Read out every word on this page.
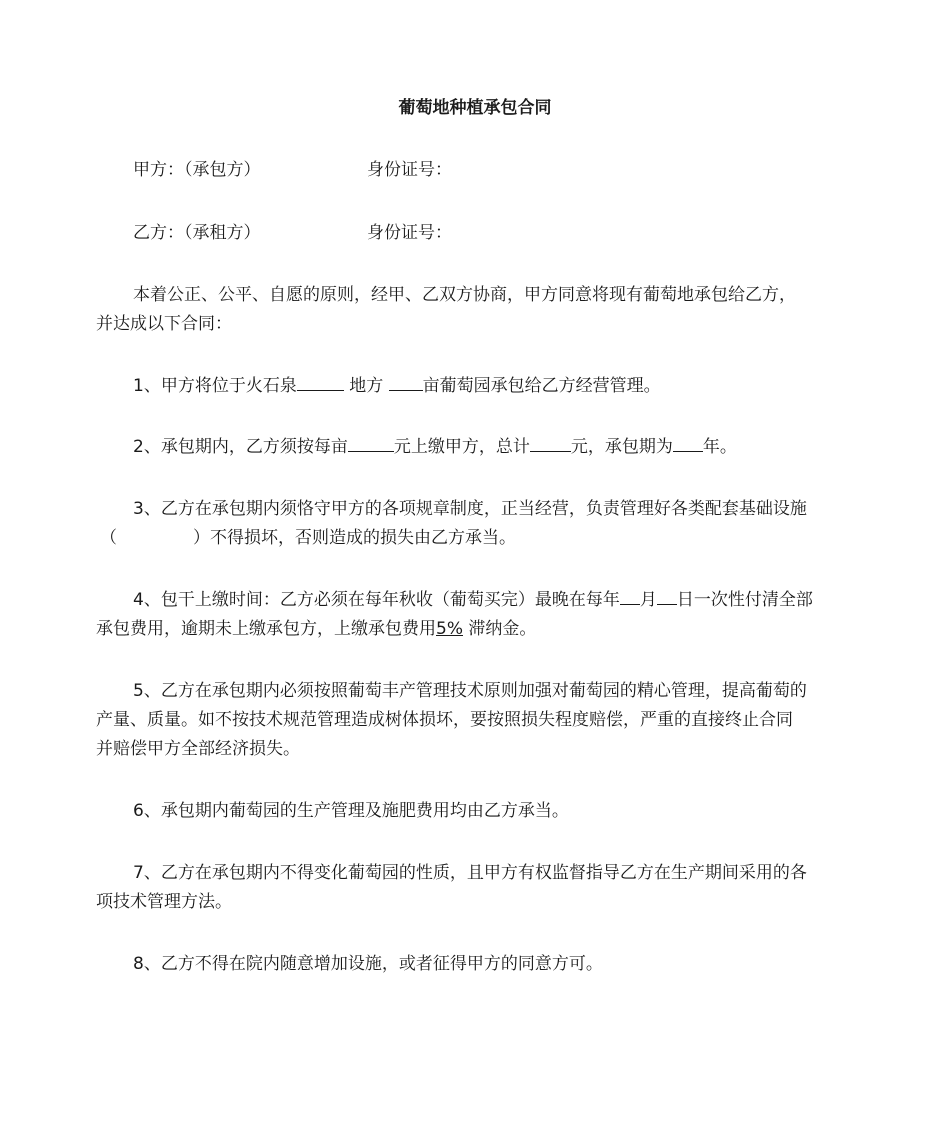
葡萄地种植承包合同
甲方：（承包方）	身份证号：
乙方：（承租方）	身份证号：
本着公正、公平、自愿的原则，经甲、乙双方协商，甲方同意将现有葡萄地承包给乙方，
并达成以下合同：
1、甲方将位于火石泉	地方 亩葡萄园承包给乙方经营管理。
2、承包期内，乙方须按每亩	元上缴甲方，总计 元，承包期为 年。
3、乙方在承包期内须恪守甲方的各项规章制度，正当经营，负责管理好各类配套基础设施
（	）不得损坏，否则造成的损失由乙方承当。
4、包干上缴时间：乙方必须在每年秋收（葡萄买完）最晚在每年 月 日一次性付清全部
承包费用，逾期未上缴承包方，上缴承包费用5% 滞纳金。
5、乙方在承包期内必须按照葡萄丰产管理技术原则加强对葡萄园的精心管理，提高葡萄的
产量、质量。如不按技术规范管理造成树体损坏，要按照损失程度赔偿，严重的直接终止合同
并赔偿甲方全部经济损失。
6、承包期内葡萄园的生产管理及施肥费用均由乙方承当。
7、乙方在承包期内不得变化葡萄园的性质，且甲方有权监督指导乙方在生产期间采用的各
项技术管理方法。
8、乙方不得在院内随意增加设施，或者征得甲方的同意方可。
